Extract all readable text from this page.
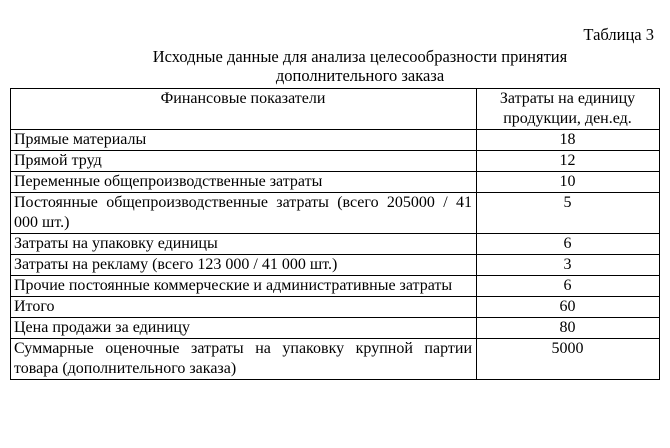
Таблица 3
Исходные данные для анализа целесообразности принятия
дополнительного заказа
Финансовые показатели	Затраты на единицу
продукции, ден.ед.

Прямые материалы	18
Прямой труд	12
Переменные общепроизводственные затраты	10
Постоянные общепроизводственные затраты (всего 205000 / 41 000 шт.)	5
Затраты на упаковку единицы	6
Затраты на рекламу (всего 123 000 / 41 000 шт.)	3
Прочие постоянные коммерческие и административные затраты	6
Итого	60
Цена продажи за единицу	80
Суммарные оценочные затраты на упаковку крупной партии товара (дополнительного заказа)	5000
